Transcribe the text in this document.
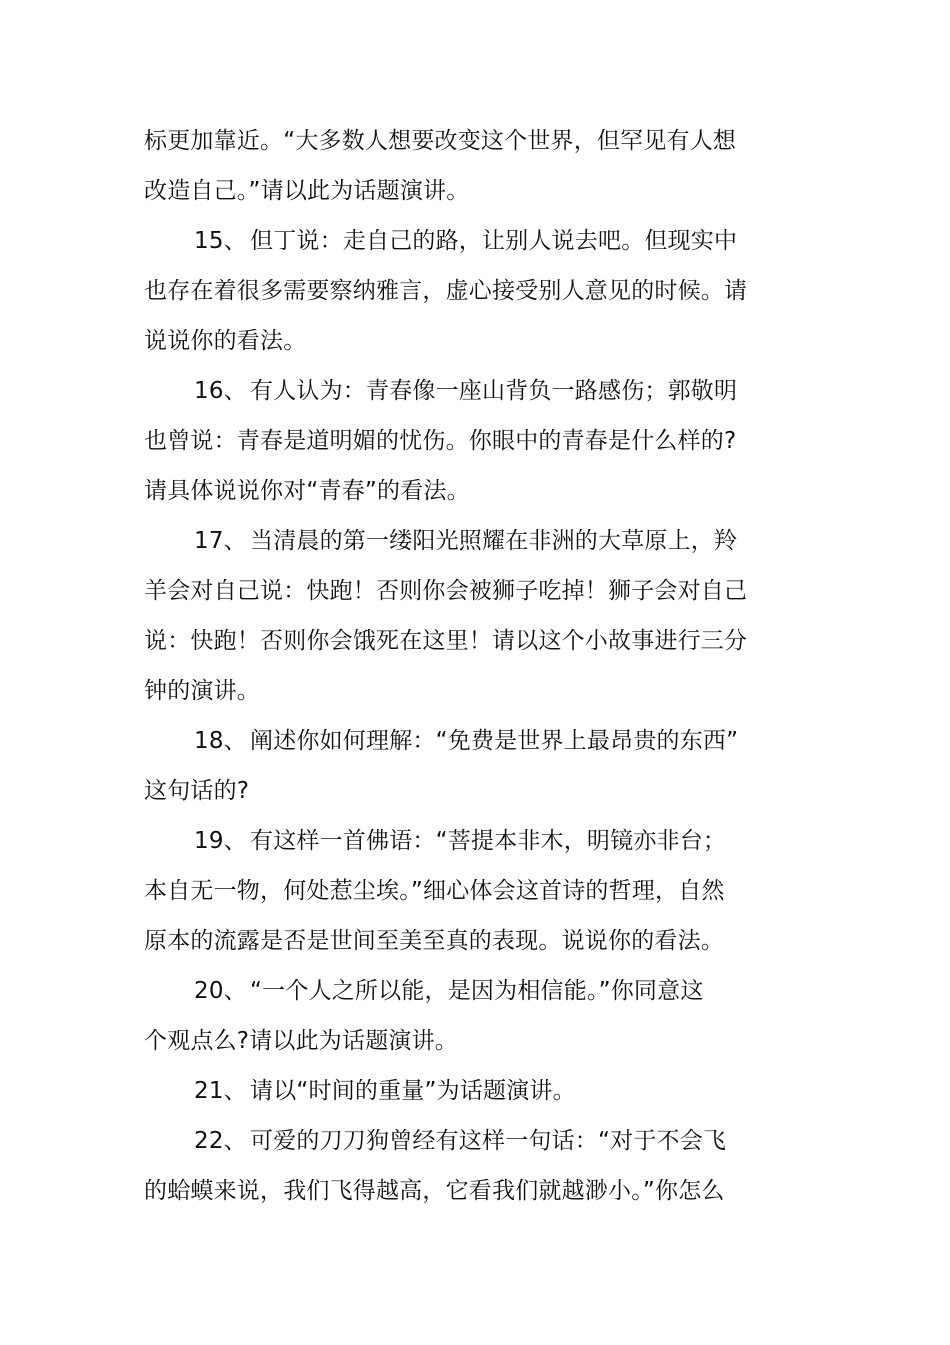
标更加靠近。“大多数人想要改变这个世界，但罕见有人想
改造自己。”请以此为话题演讲。
15、 但丁说：走自己的路，让别人说去吧。但现实中
也存在着很多需要察纳雅言，虚心接受别人意见的时候。请
说说你的看法。
16、 有人认为：青春像一座山背负一路感伤；郭敬明
也曾说：青春是道明媚的忧伤。你眼中的青春是什么样的?
请具体说说你对“青春”的看法。
17、 当清晨的第一缕阳光照耀在非洲的大草原上，羚
羊会对自己说：快跑！否则你会被狮子吃掉！狮子会对自己
说：快跑！否则你会饿死在这里！请以这个小故事进行三分
钟的演讲。
18、 阐述你如何理解：“免费是世界上最昂贵的东西”
这句话的?
19、 有这样一首佛语：“菩提本非木，明镜亦非台；
本自无一物，何处惹尘埃。”细心体会这首诗的哲理，自然
原本的流露是否是世间至美至真的表现。说说你的看法。
20、 “一个人之所以能，是因为相信能。”你同意这
个观点么?请以此为话题演讲。
21、 请以“时间的重量”为话题演讲。
22、 可爱的刀刀狗曾经有这样一句话：“对于不会飞
的蛤蟆来说，我们飞得越高，它看我们就越渺小。”你怎么
